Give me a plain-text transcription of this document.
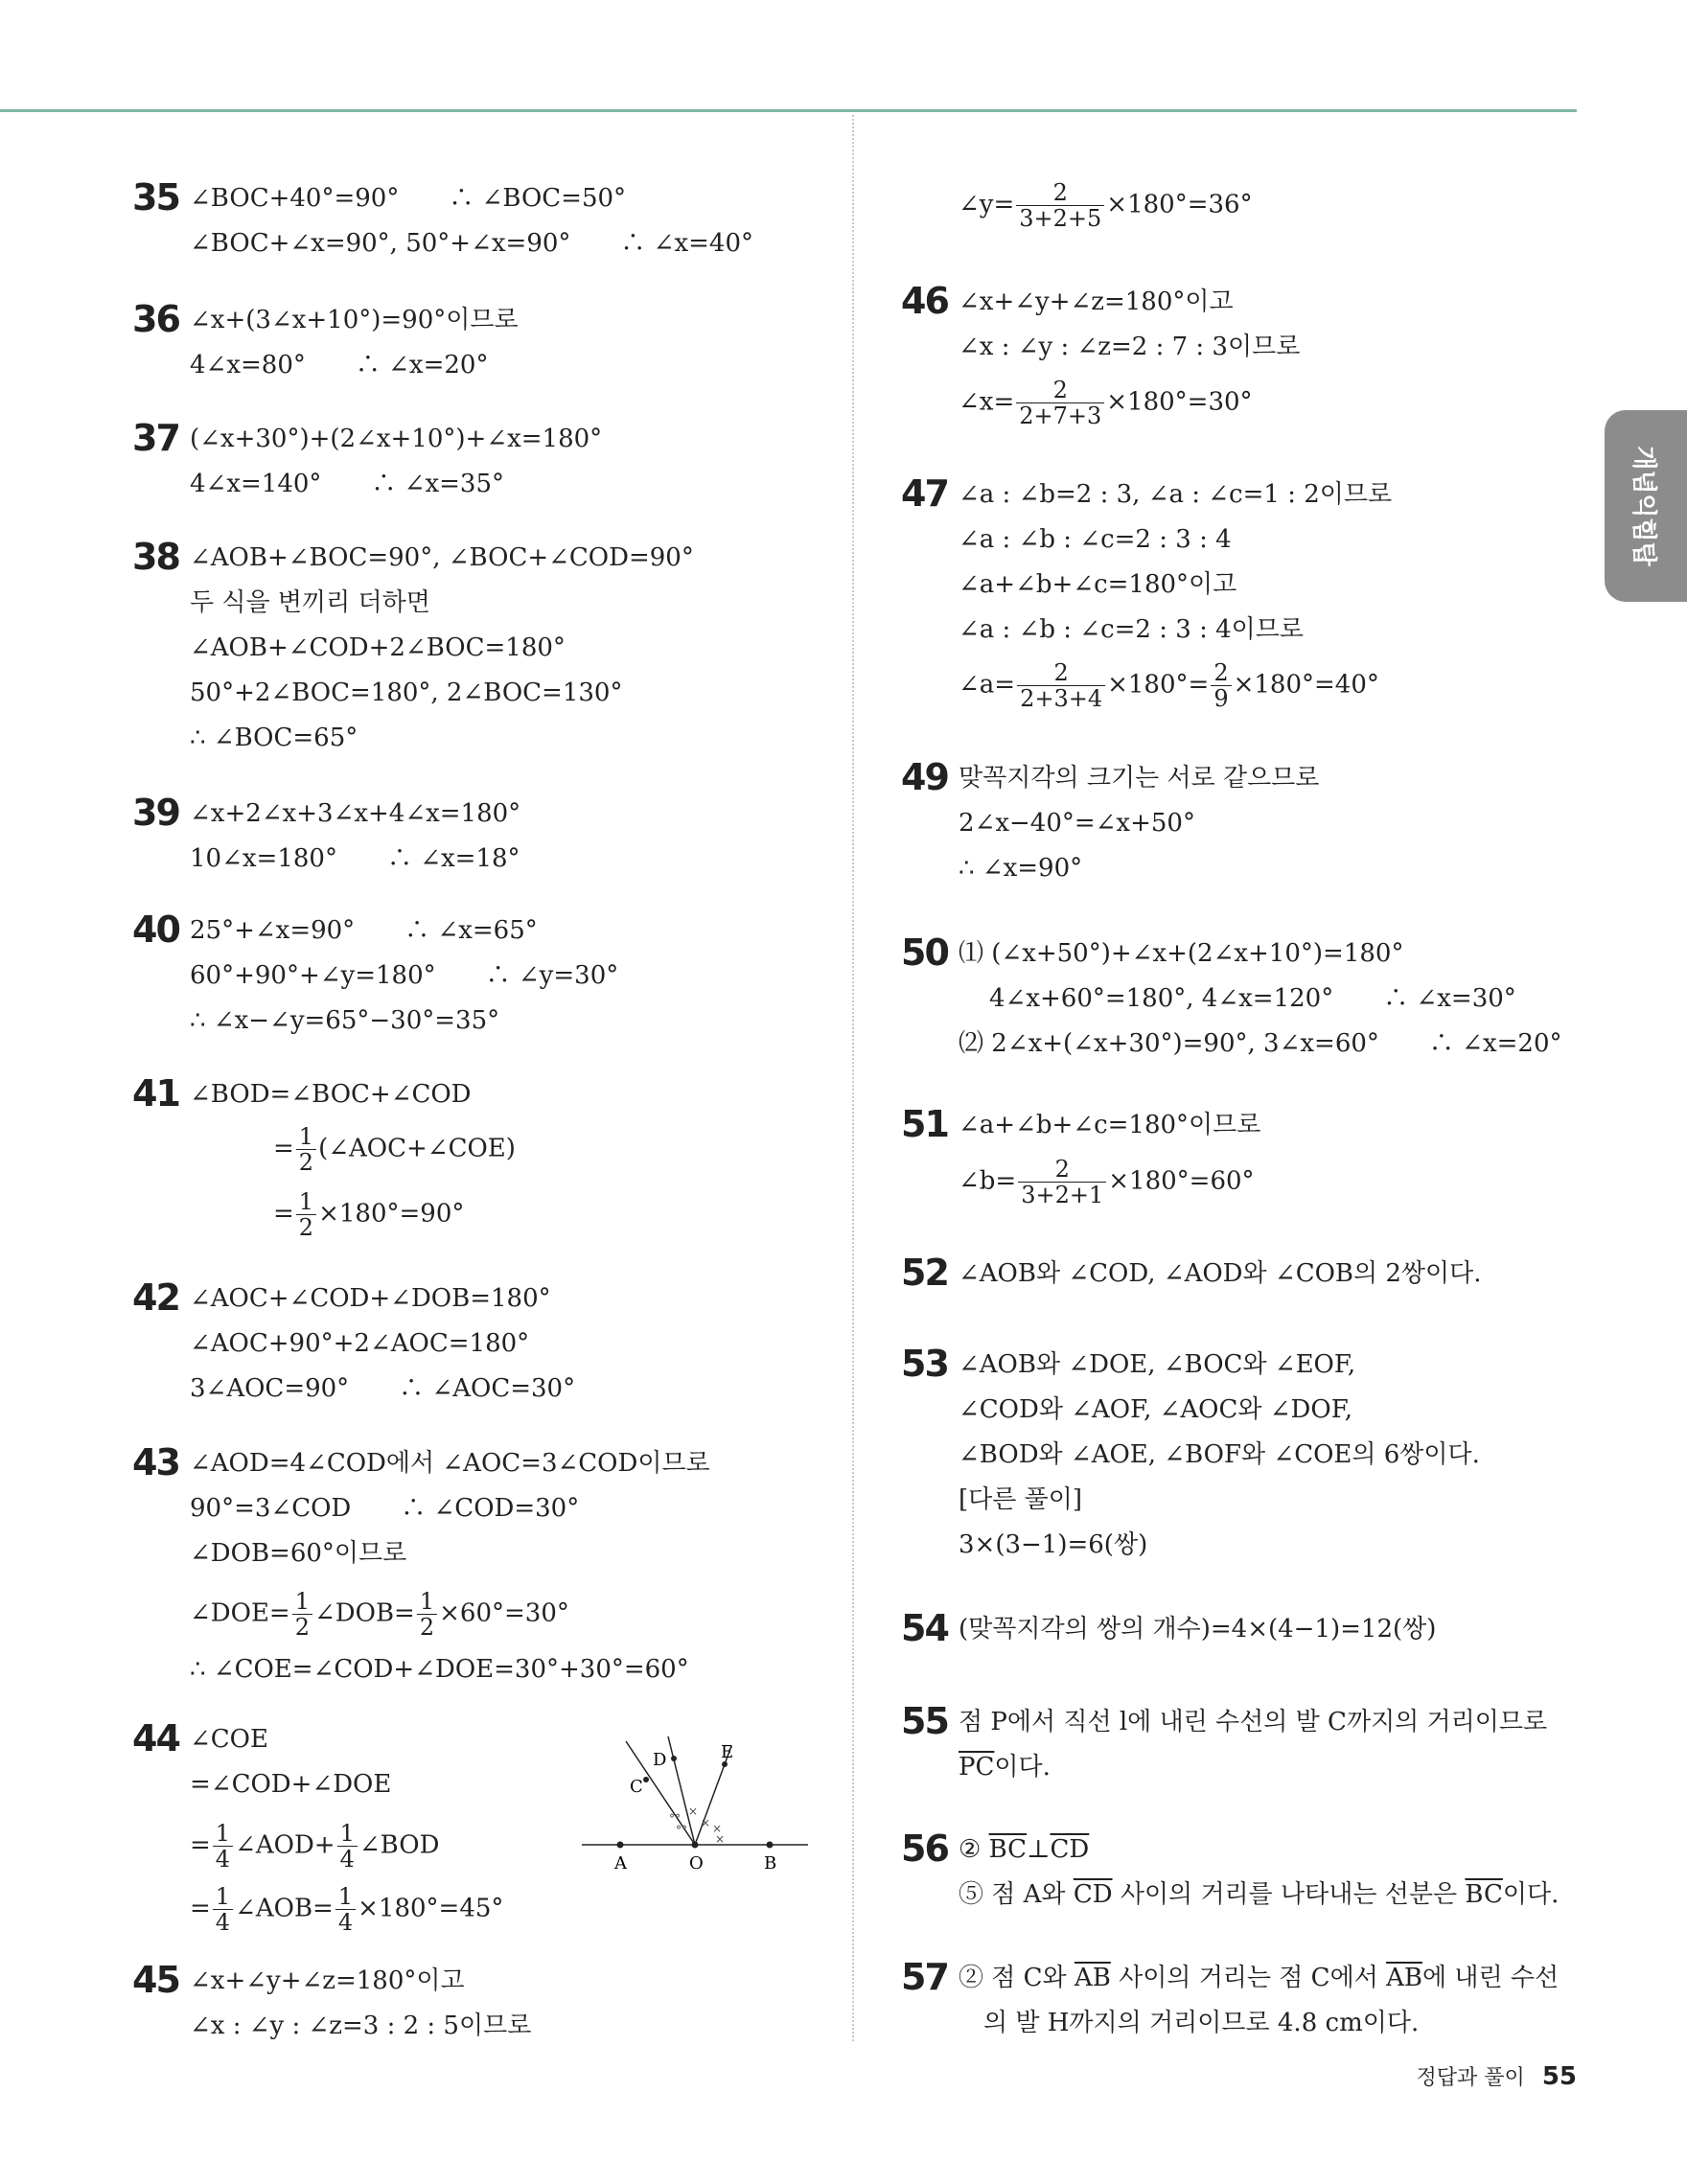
개념익힘탑
35 ∠BOC+40°=90°　　∴ ∠BOC=50°
∠BOC+∠x=90°, 50°+∠x=90°　　∴ ∠x=40°
36 ∠x+(3∠x+10°)=90°이므로
4∠x=80°　　∴ ∠x=20°
37 (∠x+30°)+(2∠x+10°)+∠x=180°
4∠x=140°　　∴ ∠x=35°
38 ∠AOB+∠BOC=90°, ∠BOC+∠COD=90°
두 식을 변끼리 더하면
∠AOB+∠COD+2∠BOC=180°
50°+2∠BOC=180°, 2∠BOC=130°
∴ ∠BOC=65°
39 ∠x+2∠x+3∠x+4∠x=180°
10∠x=180°　　∴ ∠x=18°
40 25°+∠x=90°　　∴ ∠x=65°
60°+90°+∠y=180°　　∴ ∠y=30°
∴ ∠x−∠y=65°−30°=35°
41 ∠BOD=∠BOC+∠COD
= $\frac{1}{2}$ (∠AOC+∠COE)
= $\frac{1}{2} \times 180^\circ=90^\circ$
42 ∠AOC+∠COD+∠DOB=180°
∠AOC+90°+2∠AOC=180°
3∠AOC=90°　　∴ ∠AOC=30°
43 ∠AOD=4∠COD에서 ∠AOC=3∠COD이므로
90°=3∠COD　　∴ ∠COD=30°
∠DOB=60°이므로
∠DOE= $\frac{1}{2}$ ∠DOB= $\frac{1}{2} \times 60^\circ=30^\circ$
∴ ∠COE=∠COD+∠DOE=30°+30°=60°
44 ∠COE
=∠COD+∠DOE
= $\frac{1}{4}$ ∠AOD+ $\frac{1}{4}$ ∠BOD
= $\frac{1}{4}$ ∠AOB= $\frac{1}{4} \times 180^\circ=45^\circ$
45 ∠x+∠y+∠z=180°이고
∠x : ∠y : ∠z=3 : 2 : 5이므로
°°
°°
×
× ×
×
A	O	B
C
D	E
∠y= $\frac{2}{3+2+5} \times 180^\circ=36^\circ$
46 ∠x+∠y+∠z=180°이고
∠x : ∠y : ∠z=2 : 7 : 3이므로
∠x= $\frac{2}{2+7+3} \times 180^\circ=30^\circ$
47 ∠a : ∠b=2 : 3, ∠a : ∠c=1 : 2이므로
∠a : ∠b : ∠c=2 : 3 : 4
∠a+∠b+∠c=180°이고
∠a : ∠b : ∠c=2 : 3 : 4이므로
∠a= $\frac{2}{2+3+4} \times 180^\circ= \frac{2}{9} \times 180^\circ=40^\circ$
49 맞꼭지각의 크기는 서로 같으므로
2∠x−40°=∠x+50°
∴ ∠x=90°
50 ⑴ (∠x+50°)+∠x+(2∠x+10°)=180°
4∠x+60°=180°, 4∠x=120°　　∴ ∠x=30°
⑵ 2∠x+(∠x+30°)=90°, 3∠x=60°　　∴ ∠x=20°
51 ∠a+∠b+∠c=180°이므로
∠b= $\frac{2}{3+2+1} \times 180^\circ=60^\circ$
52 ∠AOB와 ∠COD, ∠AOD와 ∠COB의 2쌍이다.
53 ∠AOB와 ∠DOE, ∠BOC와 ∠EOF,
∠COD와 ∠AOF, ∠AOC와 ∠DOF,
∠BOD와 ∠AOE, ∠BOF와 ∠COE의 6쌍이다.
[다른 풀이]
3×(3−1)=6(쌍)
54 (맞꼭지각의 쌍의 개수)=4×(4−1)=12(쌍)
55 점 P에서 직선 l에 내린 수선의 발 C까지의 거리이므로
$\overline{PC}$이다.
56 ② $\overline{BC}\perp\overline{CD}$
⑤ 점 A와 $\overline{CD}$ 사이의 거리를 나타내는 선분은 $\overline{BC}$이다.
57 ② 점 C와 $\overline{AB}$ 사이의 거리는 점 C에서 $\overline{AB}$에 내린 수선
의 발 H까지의 거리이므로 4.8 cm이다.
정답과 풀이 55
